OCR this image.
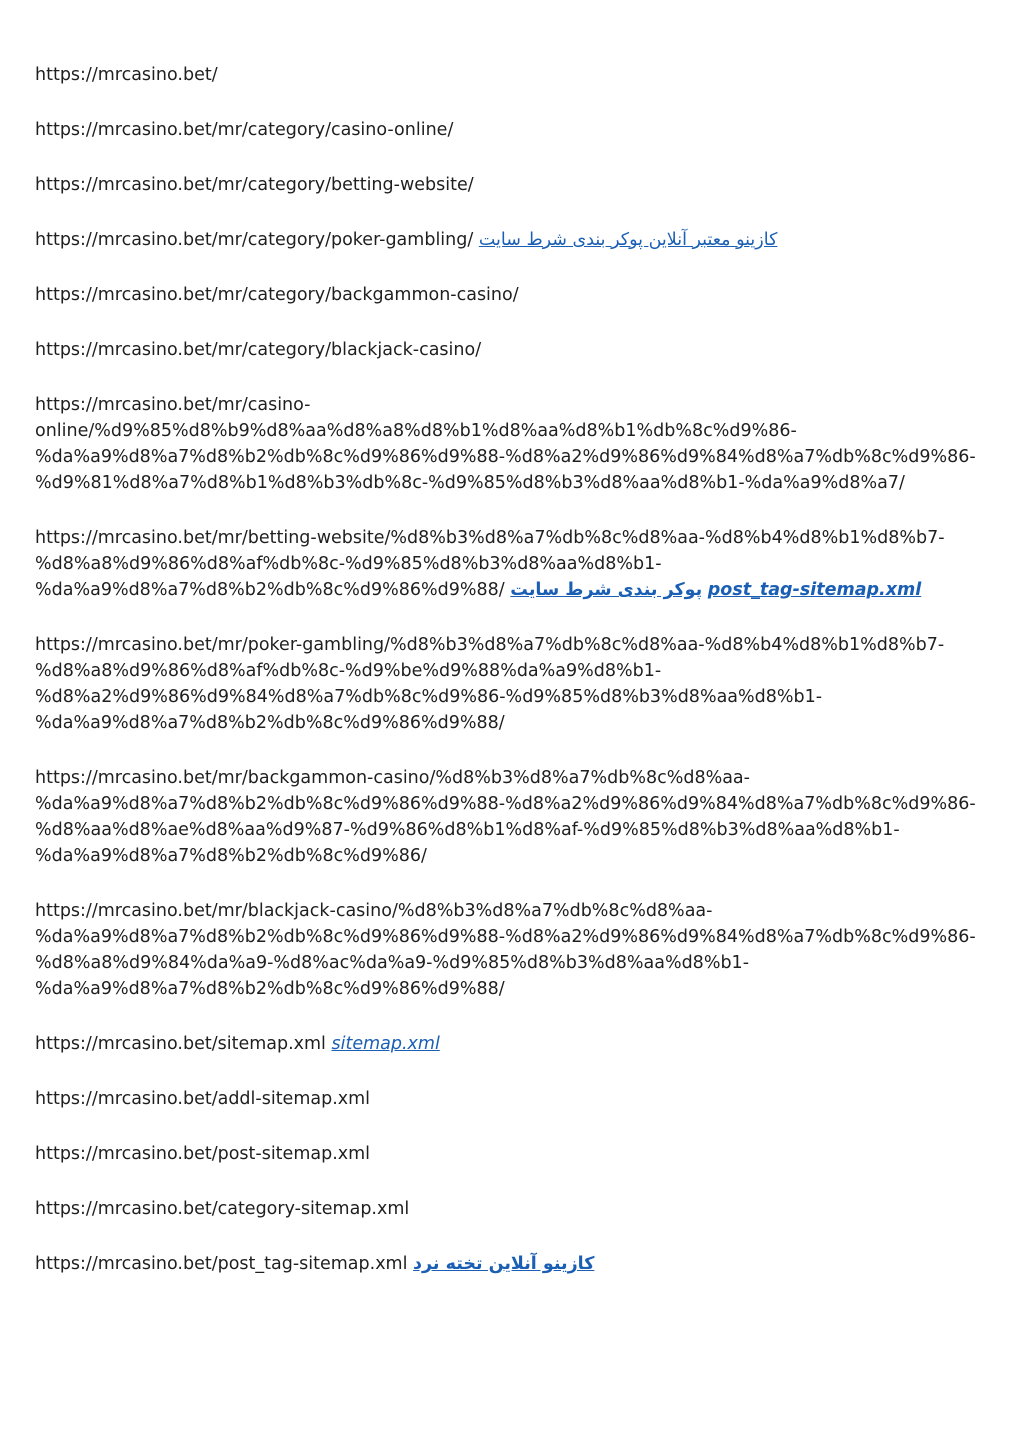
https://mrcasino.bet/
https://mrcasino.bet/mr/category/casino-online/
https://mrcasino.bet/mr/category/betting-website/
https://mrcasino.bet/mr/category/poker-gambling/ کازینو معتبر آنلاین پوکر بندی شرط سایت
https://mrcasino.bet/mr/category/backgammon-casino/
https://mrcasino.bet/mr/category/blackjack-casino/
https://mrcasino.bet/mr/casino-
online/%d9%85%d8%b9%d8%aa%d8%a8%d8%b1%d8%aa%d8%b1%db%8c%d9%86-
%da%a9%d8%a7%d8%b2%db%8c%d9%86%d9%88-%d8%a2%d9%86%d9%84%d8%a7%db%8c%d9%86-
%d9%81%d8%a7%d8%b1%d8%b3%db%8c-%d9%85%d8%b3%d8%aa%d8%b1-%da%a9%d8%a7/
https://mrcasino.bet/mr/betting-website/%d8%b3%d8%a7%db%8c%d8%aa-%d8%b4%d8%b1%d8%b7-
%d8%a8%d9%86%d8%af%db%8c-%d9%85%d8%b3%d8%aa%d8%b1-
%da%a9%d8%a7%d8%b2%db%8c%d9%86%d9%88/ پوکر بندی شرط سایت post_tag-sitemap.xml
https://mrcasino.bet/mr/poker-gambling/%d8%b3%d8%a7%db%8c%d8%aa-%d8%b4%d8%b1%d8%b7-
%d8%a8%d9%86%d8%af%db%8c-%d9%be%d9%88%da%a9%d8%b1-
%d8%a2%d9%86%d9%84%d8%a7%db%8c%d9%86-%d9%85%d8%b3%d8%aa%d8%b1-
%da%a9%d8%a7%d8%b2%db%8c%d9%86%d9%88/
https://mrcasino.bet/mr/backgammon-casino/%d8%b3%d8%a7%db%8c%d8%aa-
%da%a9%d8%a7%d8%b2%db%8c%d9%86%d9%88-%d8%a2%d9%86%d9%84%d8%a7%db%8c%d9%86-
%d8%aa%d8%ae%d8%aa%d9%87-%d9%86%d8%b1%d8%af-%d9%85%d8%b3%d8%aa%d8%b1-
%da%a9%d8%a7%d8%b2%db%8c%d9%86/
https://mrcasino.bet/mr/blackjack-casino/%d8%b3%d8%a7%db%8c%d8%aa-
%da%a9%d8%a7%d8%b2%db%8c%d9%86%d9%88-%d8%a2%d9%86%d9%84%d8%a7%db%8c%d9%86-
%d8%a8%d9%84%da%a9-%d8%ac%da%a9-%d9%85%d8%b3%d8%aa%d8%b1-
%da%a9%d8%a7%d8%b2%db%8c%d9%86%d9%88/
https://mrcasino.bet/sitemap.xml sitemap.xml
https://mrcasino.bet/addl-sitemap.xml
https://mrcasino.bet/post-sitemap.xml
https://mrcasino.bet/category-sitemap.xml
https://mrcasino.bet/post_tag-sitemap.xml کازینو آنلاین تخته نرد
